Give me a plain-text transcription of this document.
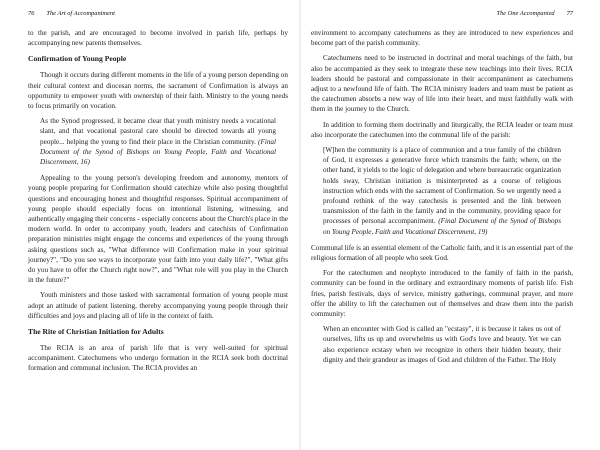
76 The Art of Accompaniment

to the parish, and are encouraged to become involved in parish life, perhaps by accompanying new parents themselves.

Confirmation of Young People

Though it occurs during different moments in the life of a young person depending on their cultural context and diocesan norms, the sacrament of Confirmation is always an opportunity to empower youth with ownership of their faith. Ministry to the young needs to focus primarily on vocation.

As the Synod progressed, it became clear that youth ministry needs a vocational slant, and that vocational pastoral care should be directed towards all young people... helping the young to find their place in the Christian community. (Final Document of the Synod of Bishops on Young People, Faith and Vocational Discernment, 16)

Appealing to the young person's developing freedom and autonomy, mentors of young people preparing for Confirmation should catechize while also posing thoughtful questions and encouraging honest and thoughtful responses. Spiritual accompaniment of young people should especially focus on intentional listening, witnessing, and authentically engaging their concerns - especially concerns about the Church's place in the modern world. In order to accompany youth, leaders and catechists of Confirmation preparation ministries might engage the concerns and experiences of the young through asking questions such as, "What difference will Confirmation make in your spiritual journey?", "Do you see ways to incorporate your faith into your daily life?", "What gifts do you have to offer the Church right now?", and "What role will you play in the Church in the future?"

Youth ministers and those tasked with sacramental formation of young people must adopt an attitude of patient listening, thereby accompanying young people through their difficulties and joys and placing all of life in the context of faith.

The Rite of Christian Initiation for Adults

The RCIA is an area of parish life that is very well-suited for spiritual accompaniment. Catechumens who undergo formation in the RCIA seek both doctrinal formation and communal inclusion. The RCIA provides an

The One Accompanied 77

environment to accompany catechumens as they are introduced to new experiences and become part of the parish community.

Catechumens need to be instructed in doctrinal and moral teachings of the faith, but also be accompanied as they seek to integrate these new teachings into their lives. RCIA leaders should be pastoral and compassionate in their accompaniment as catechumens adjust to a newfound life of faith. The RCIA ministry leaders and team must be patient as the catechumen absorbs a new way of life into their heart, and must faithfully walk with them in the journey to the Church.

In addition to forming them doctrinally and liturgically, the RCIA leader or team must also incorporate the catechumen into the communal life of the parish:

[W]hen the community is a place of communion and a true family of the children of God, it expresses a generative force which transmits the faith; where, on the other hand, it yields to the logic of delegation and where bureaucratic organization holds sway, Christian initiation is misinterpreted as a course of religious instruction which ends with the sacrament of Confirmation. So we urgently need a profound rethink of the way catechesis is presented and the link between transmission of the faith in the family and in the community, providing space for processes of personal accompaniment. (Final Document of the Synod of Bishops on Young People, Faith and Vocational Discernment, 19)

Communal life is an essential element of the Catholic faith, and it is an essential part of the religious formation of all people who seek God.

For the catechumen and neophyte introduced to the family of faith in the parish, community can be found in the ordinary and extraordinary moments of parish life. Fish fries, parish festivals, days of service, ministry gatherings, communal prayer, and more offer the ability to lift the catechumen out of themselves and draw them into the parish community:

When an encounter with God is called an "ecstasy", it is because it takes us out of ourselves, lifts us up and overwhelms us with God's love and beauty. Yet we can also experience ecstasy when we recognize in others their hidden beauty, their dignity and their grandeur as images of God and children of the Father. The Holy
